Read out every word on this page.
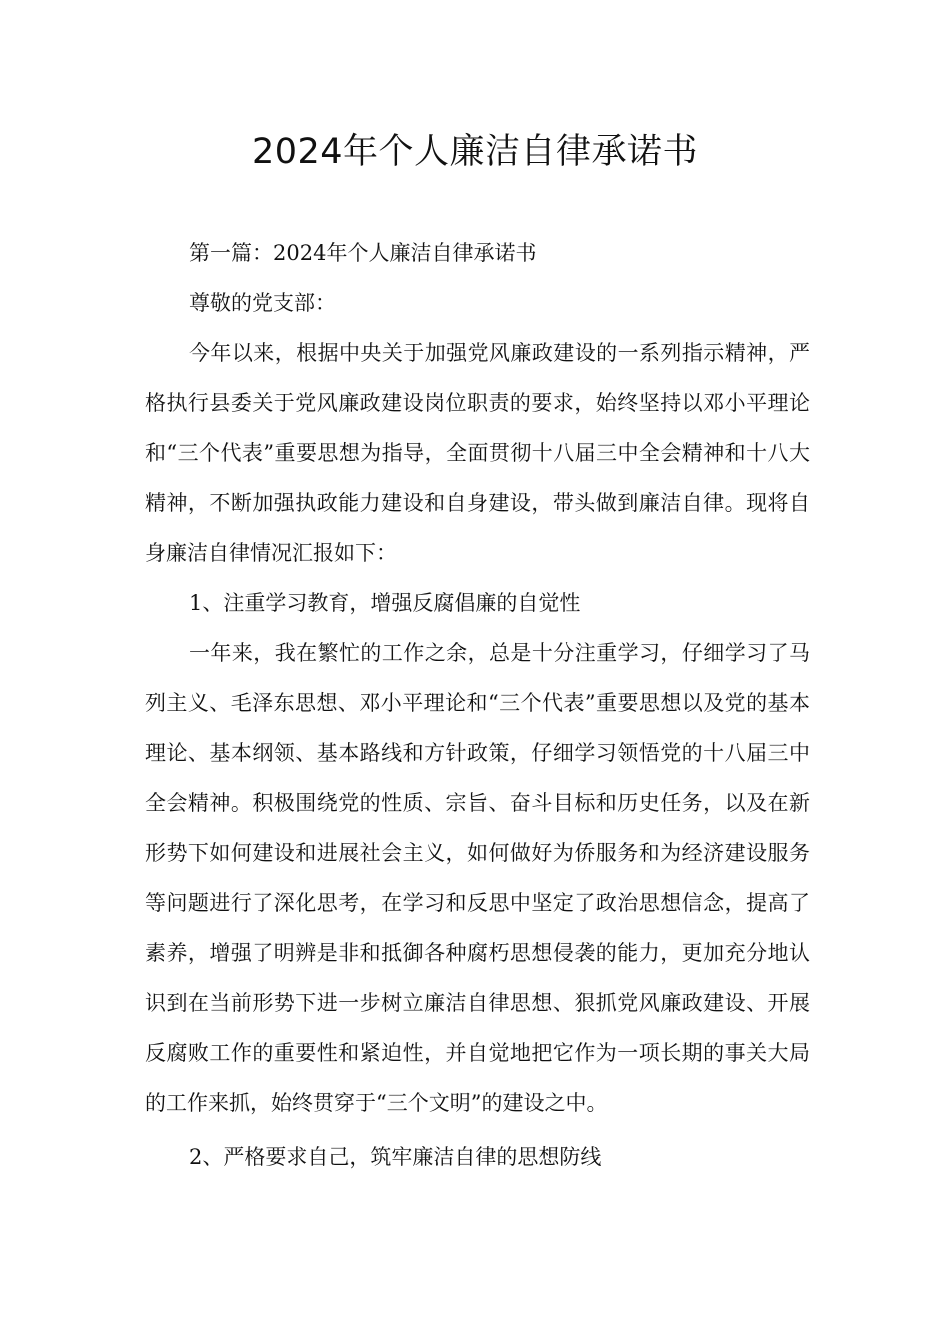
2024年个人廉洁自律承诺书

第一篇：2024年个人廉洁自律承诺书

尊敬的党支部：

今年以来，根据中央关于加强党风廉政建设的一系列指示精神，严格执行县委关于党风廉政建设岗位职责的要求，始终坚持以邓小平理论和“三个代表”重要思想为指导，全面贯彻十八届三中全会精神和十八大精神，不断加强执政能力建设和自身建设，带头做到廉洁自律。现将自身廉洁自律情况汇报如下：

1、注重学习教育，增强反腐倡廉的自觉性

一年来，我在繁忙的工作之余，总是十分注重学习，仔细学习了马列主义、毛泽东思想、邓小平理论和“三个代表”重要思想以及党的基本理论、基本纲领、基本路线和方针政策，仔细学习领悟党的十八届三中全会精神。积极围绕党的性质、宗旨、奋斗目标和历史任务，以及在新形势下如何建设和进展社会主义，如何做好为侨服务和为经济建设服务等问题进行了深化思考，在学习和反思中坚定了政治思想信念，提高了素养，增强了明辨是非和抵御各种腐朽思想侵袭的能力，更加充分地认识到在当前形势下进一步树立廉洁自律思想、狠抓党风廉政建设、开展反腐败工作的重要性和紧迫性，并自觉地把它作为一项长期的事关大局的工作来抓，始终贯穿于“三个文明”的建设之中。

2、严格要求自己，筑牢廉洁自律的思想防线
